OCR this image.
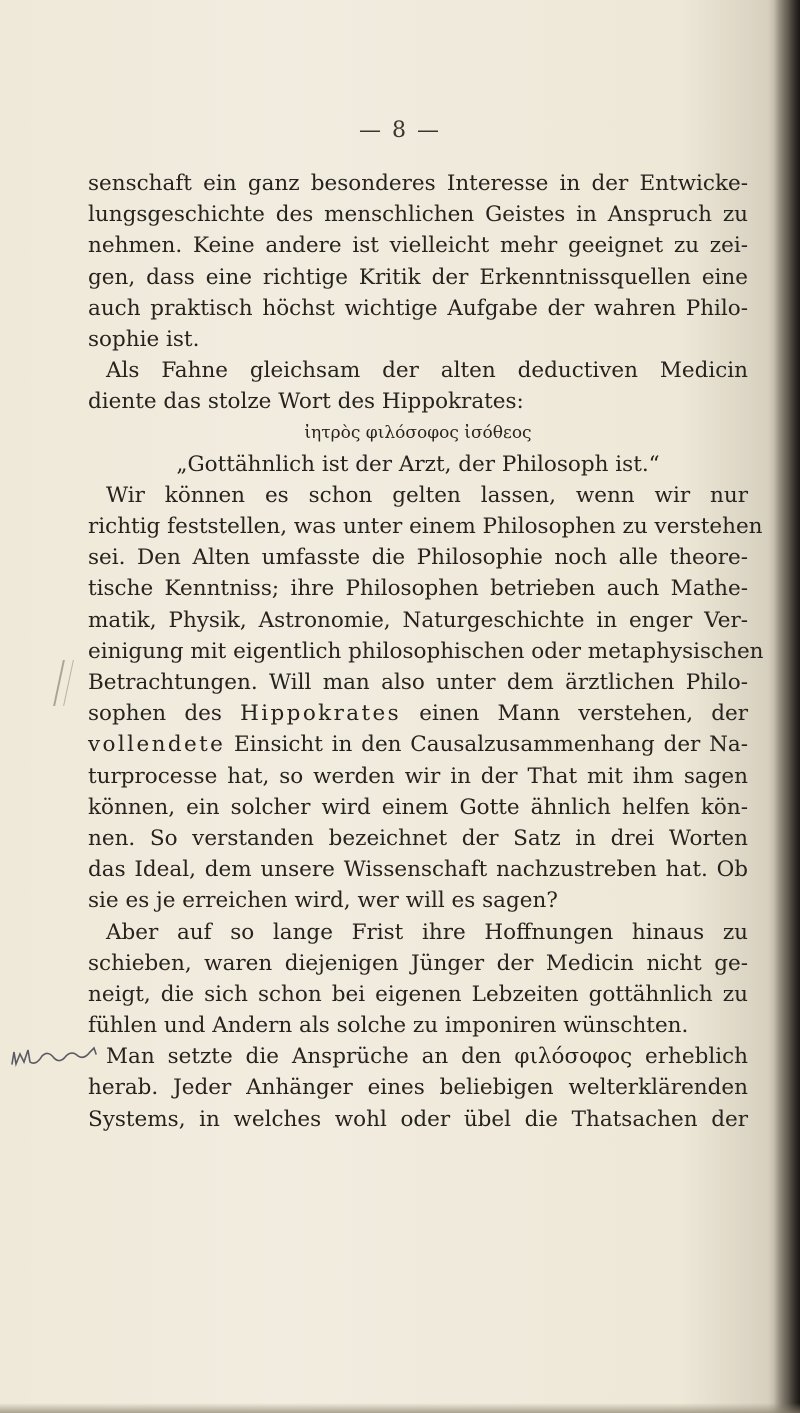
— 8 —
senschaft ein ganz besonderes Interesse in der Entwicke-
lungsgeschichte des menschlichen Geistes in Anspruch zu
nehmen. Keine andere ist vielleicht mehr geeignet zu zei-
gen, dass eine richtige Kritik der Erkenntnissquellen eine
auch praktisch höchst wichtige Aufgabe der wahren Philo-
sophie ist.
Als Fahne gleichsam der alten deductiven Medicin
diente das stolze Wort des Hippokrates:
ἰητρὸς φιλόσοφος ἰσόθεος
„Gottähnlich ist der Arzt, der Philosoph ist.“
Wir können es schon gelten lassen, wenn wir nur
richtig feststellen, was unter einem Philosophen zu verstehen
sei. Den Alten umfasste die Philosophie noch alle theore-
tische Kenntniss; ihre Philosophen betrieben auch Mathe-
matik, Physik, Astronomie, Naturgeschichte in enger Ver-
einigung mit eigentlich philosophischen oder metaphysischen
Betrachtungen. Will man also unter dem ärztlichen Philo-
sophen des Hippokrates einen Mann verstehen, der
vollendete Einsicht in den Causalzusammenhang der Na-
turprocesse hat, so werden wir in der That mit ihm sagen
können, ein solcher wird einem Gotte ähnlich helfen kön-
nen. So verstanden bezeichnet der Satz in drei Worten
das Ideal, dem unsere Wissenschaft nachzustreben hat. Ob
sie es je erreichen wird, wer will es sagen?
Aber auf so lange Frist ihre Hoffnungen hinaus zu
schieben, waren diejenigen Jünger der Medicin nicht ge-
neigt, die sich schon bei eigenen Lebzeiten gottähnlich zu
fühlen und Andern als solche zu imponiren wünschten.
Man setzte die Ansprüche an den φιλόσοφος erheblich
herab. Jeder Anhänger eines beliebigen welterklärenden
Systems, in welches wohl oder übel die Thatsachen der
